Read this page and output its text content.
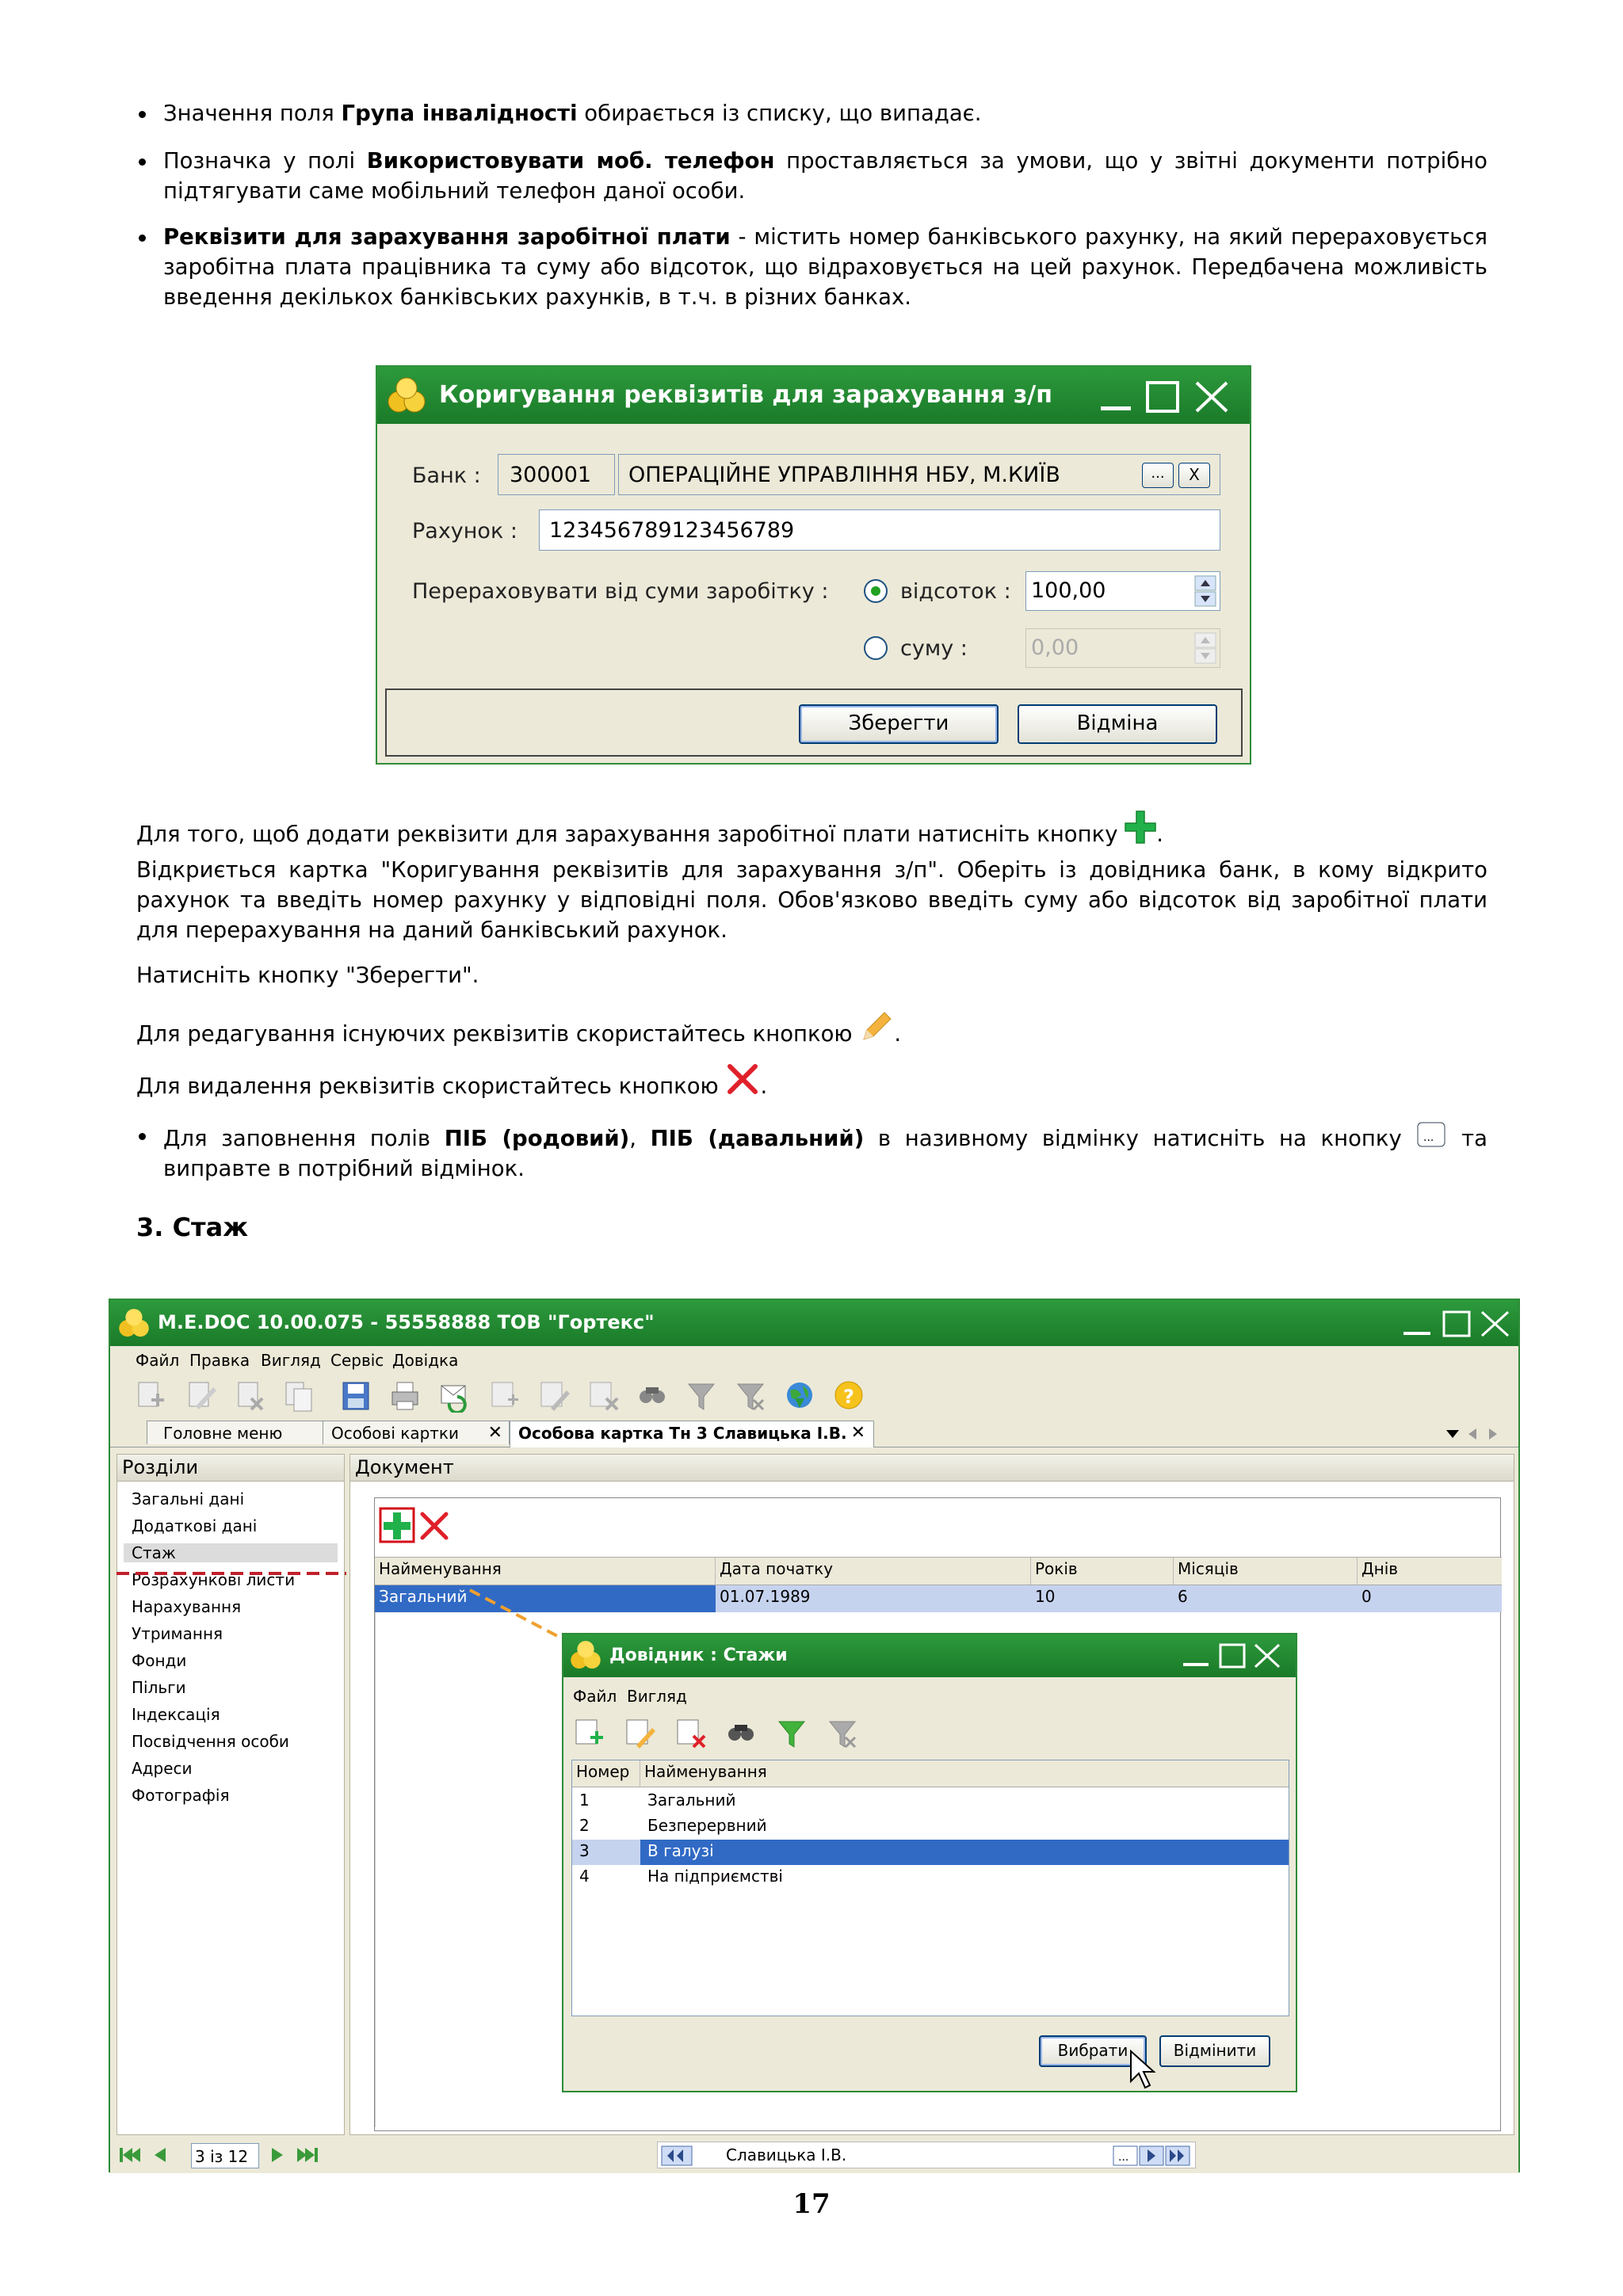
Значення поля Група інвалідності обирається із списку, що випадає.
Позначка у полі Використовувати моб. телефон проставляється за умови, що у звітні документи потрібно підтягувати саме мобільний телефон даної особи.
Реквізити для зарахування заробітної плати - містить номер банківського рахунку, на який перераховується заробітна плата працівника та суму або відсоток, що відраховується на цей рахунок. Передбачена можливість введення декількох банківських рахунків, в т.ч. в різних банках.
Коригування реквізитів для зарахування з/п
Банк : 300001 ОПЕРАЦІЙНЕ УПРАВЛІННЯ НБУ, М.КИЇВ	...	X
Рахунок : 123456789123456789
Перераховувати від суми заробітку :	відсоток : 100,00
суму :	0,00
Зберегти	Відміна
Для того, щоб додати реквізити для зарахування заробітної плати натисніть кнопку .
Відкриється картка "Коригування реквізитів для зарахування з/п". Оберіть із довідника банк, в кому відкрито рахунок та введіть номер рахунку у відповідні поля. Обов'язково введіть суму або відсоток від заробітної плати для перерахування на даний банківський рахунок.
Натисніть кнопку "Зберегти".
Для редагування існуючих реквізитів скористайтесь кнопкою .
Для видалення реквізитів скористайтесь кнопкою .
Для заповнення полів ПІБ (родовий), ПІБ (давальний) в називному відмінку натисніть на кнопку ... та виправте в потрібний відмінок.
3. Стаж
M.E.DOC 10.00.075 - 55558888 ТОВ "Гортекс"
Файл Правка Вигляд Сервіс Довідка
?
Головне меню	Особові картки ✕	Особова картка Тн 3 Славицька І.В. ✕
Розділи
Загальні дані
Додаткові дані
Стаж
Розрахункові листи
Нарахування
Утримання
Фонди
Пільги
Індексація
Посвідчення особи
Адреси
Фотографія
Документ
Найменування	Дата початку	Років	Місяців	Днів
Загальний	01.07.1989	10	6	0
3 із 12	Славицька І.В.	...
Довідник : Стажи
Файл Вигляд
Номер Найменування
1	Загальний
2	Безперервний
3	В галузі
4	На підприємстві
Вибрати	Відмінити
17
